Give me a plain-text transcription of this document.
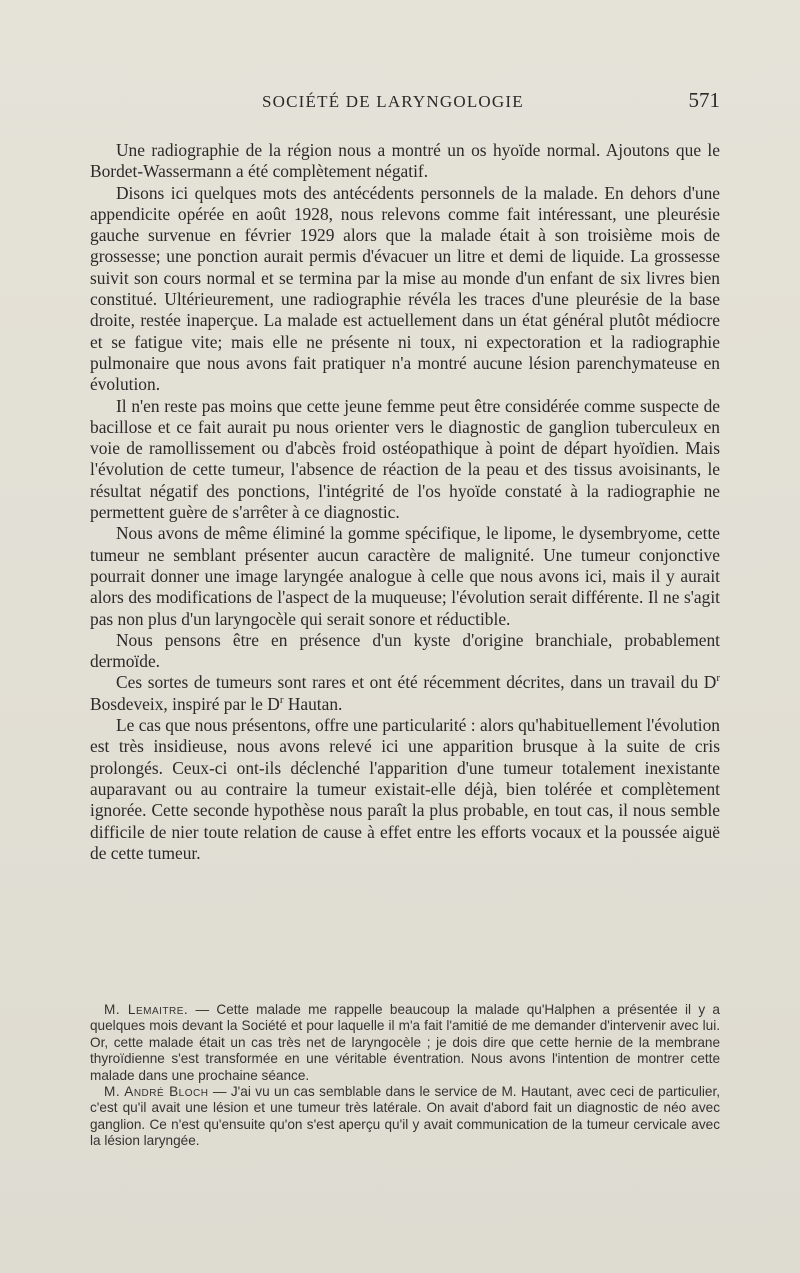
SOCIÉTÉ DE LARYNGOLOGIE	571

Une radiographie de la région nous a montré un os hyoïde normal. Ajoutons que le Bordet-Wassermann a été complètement négatif.

Disons ici quelques mots des antécédents personnels de la malade. En dehors d'une appendicite opérée en août 1928, nous relevons comme fait intéressant, une pleurésie gauche survenue en février 1929 alors que la malade était à son troisième mois de grossesse; une ponction aurait permis d'évacuer un litre et demi de liquide. La grossesse suivit son cours normal et se termina par la mise au monde d'un enfant de six livres bien constitué. Ultérieurement, une radiographie révéla les traces d'une pleurésie de la base droite, restée inaperçue. La malade est actuellement dans un état général plutôt médiocre et se fatigue vite; mais elle ne présente ni toux, ni expectoration et la radiographie pulmonaire que nous avons fait pratiquer n'a montré aucune lésion parenchymateuse en évolution.

Il n'en reste pas moins que cette jeune femme peut être considérée comme suspecte de bacillose et ce fait aurait pu nous orienter vers le diagnostic de ganglion tuberculeux en voie de ramollissement ou d'abcès froid ostéopathique à point de départ hyoïdien. Mais l'évolution de cette tumeur, l'absence de réaction de la peau et des tissus avoisinants, le résultat négatif des ponctions, l'intégrité de l'os hyoïde constaté à la radiographie ne permettent guère de s'arrêter à ce diagnostic.

Nous avons de même éliminé la gomme spécifique, le lipome, le dysembryome, cette tumeur ne semblant présenter aucun caractère de malignité. Une tumeur conjonctive pourrait donner une image laryngée analogue à celle que nous avons ici, mais il y aurait alors des modifications de l'aspect de la muqueuse; l'évolution serait différente. Il ne s'agit pas non plus d'un laryngocèle qui serait sonore et réductible.

Nous pensons être en présence d'un kyste d'origine branchiale, probablement dermoïde.

Ces sortes de tumeurs sont rares et ont été récemment décrites, dans un travail du $D^r$ Bosdeveix, inspiré par le $D^r$ Hautan.

Le cas que nous présentons, offre une particularité : alors qu'habituellement l'évolution est très insidieuse, nous avons relevé ici une apparition brusque à la suite de cris prolongés. Ceux-ci ont-ils déclenché l'apparition d'une tumeur totalement inexistante auparavant ou au contraire la tumeur existait-elle déjà, bien tolérée et complètement ignorée. Cette seconde hypothèse nous paraît la plus probable, en tout cas, il nous semble difficile de nier toute relation de cause à effet entre les efforts vocaux et la poussée aiguë de cette tumeur.

M. Lemaitre. — Cette malade me rappelle beaucoup la malade qu'Halphen a présentée il y a quelques mois devant la Société et pour laquelle il m'a fait l'amitié de me demander d'intervenir avec lui. Or, cette malade était un cas très net de laryngocèle ; je dois dire que cette hernie de la membrane thyroïdienne s'est transformée en une véritable éventration. Nous avons l'intention de montrer cette malade dans une prochaine séance.

M. André Bloch — J'ai vu un cas semblable dans le service de M. Hautant, avec ceci de particulier, c'est qu'il avait une lésion et une tumeur très latérale. On avait d'abord fait un diagnostic de néo avec ganglion. Ce n'est qu'ensuite qu'on s'est aperçu qu'il y avait communication de la tumeur cervicale avec la lésion laryngée.
